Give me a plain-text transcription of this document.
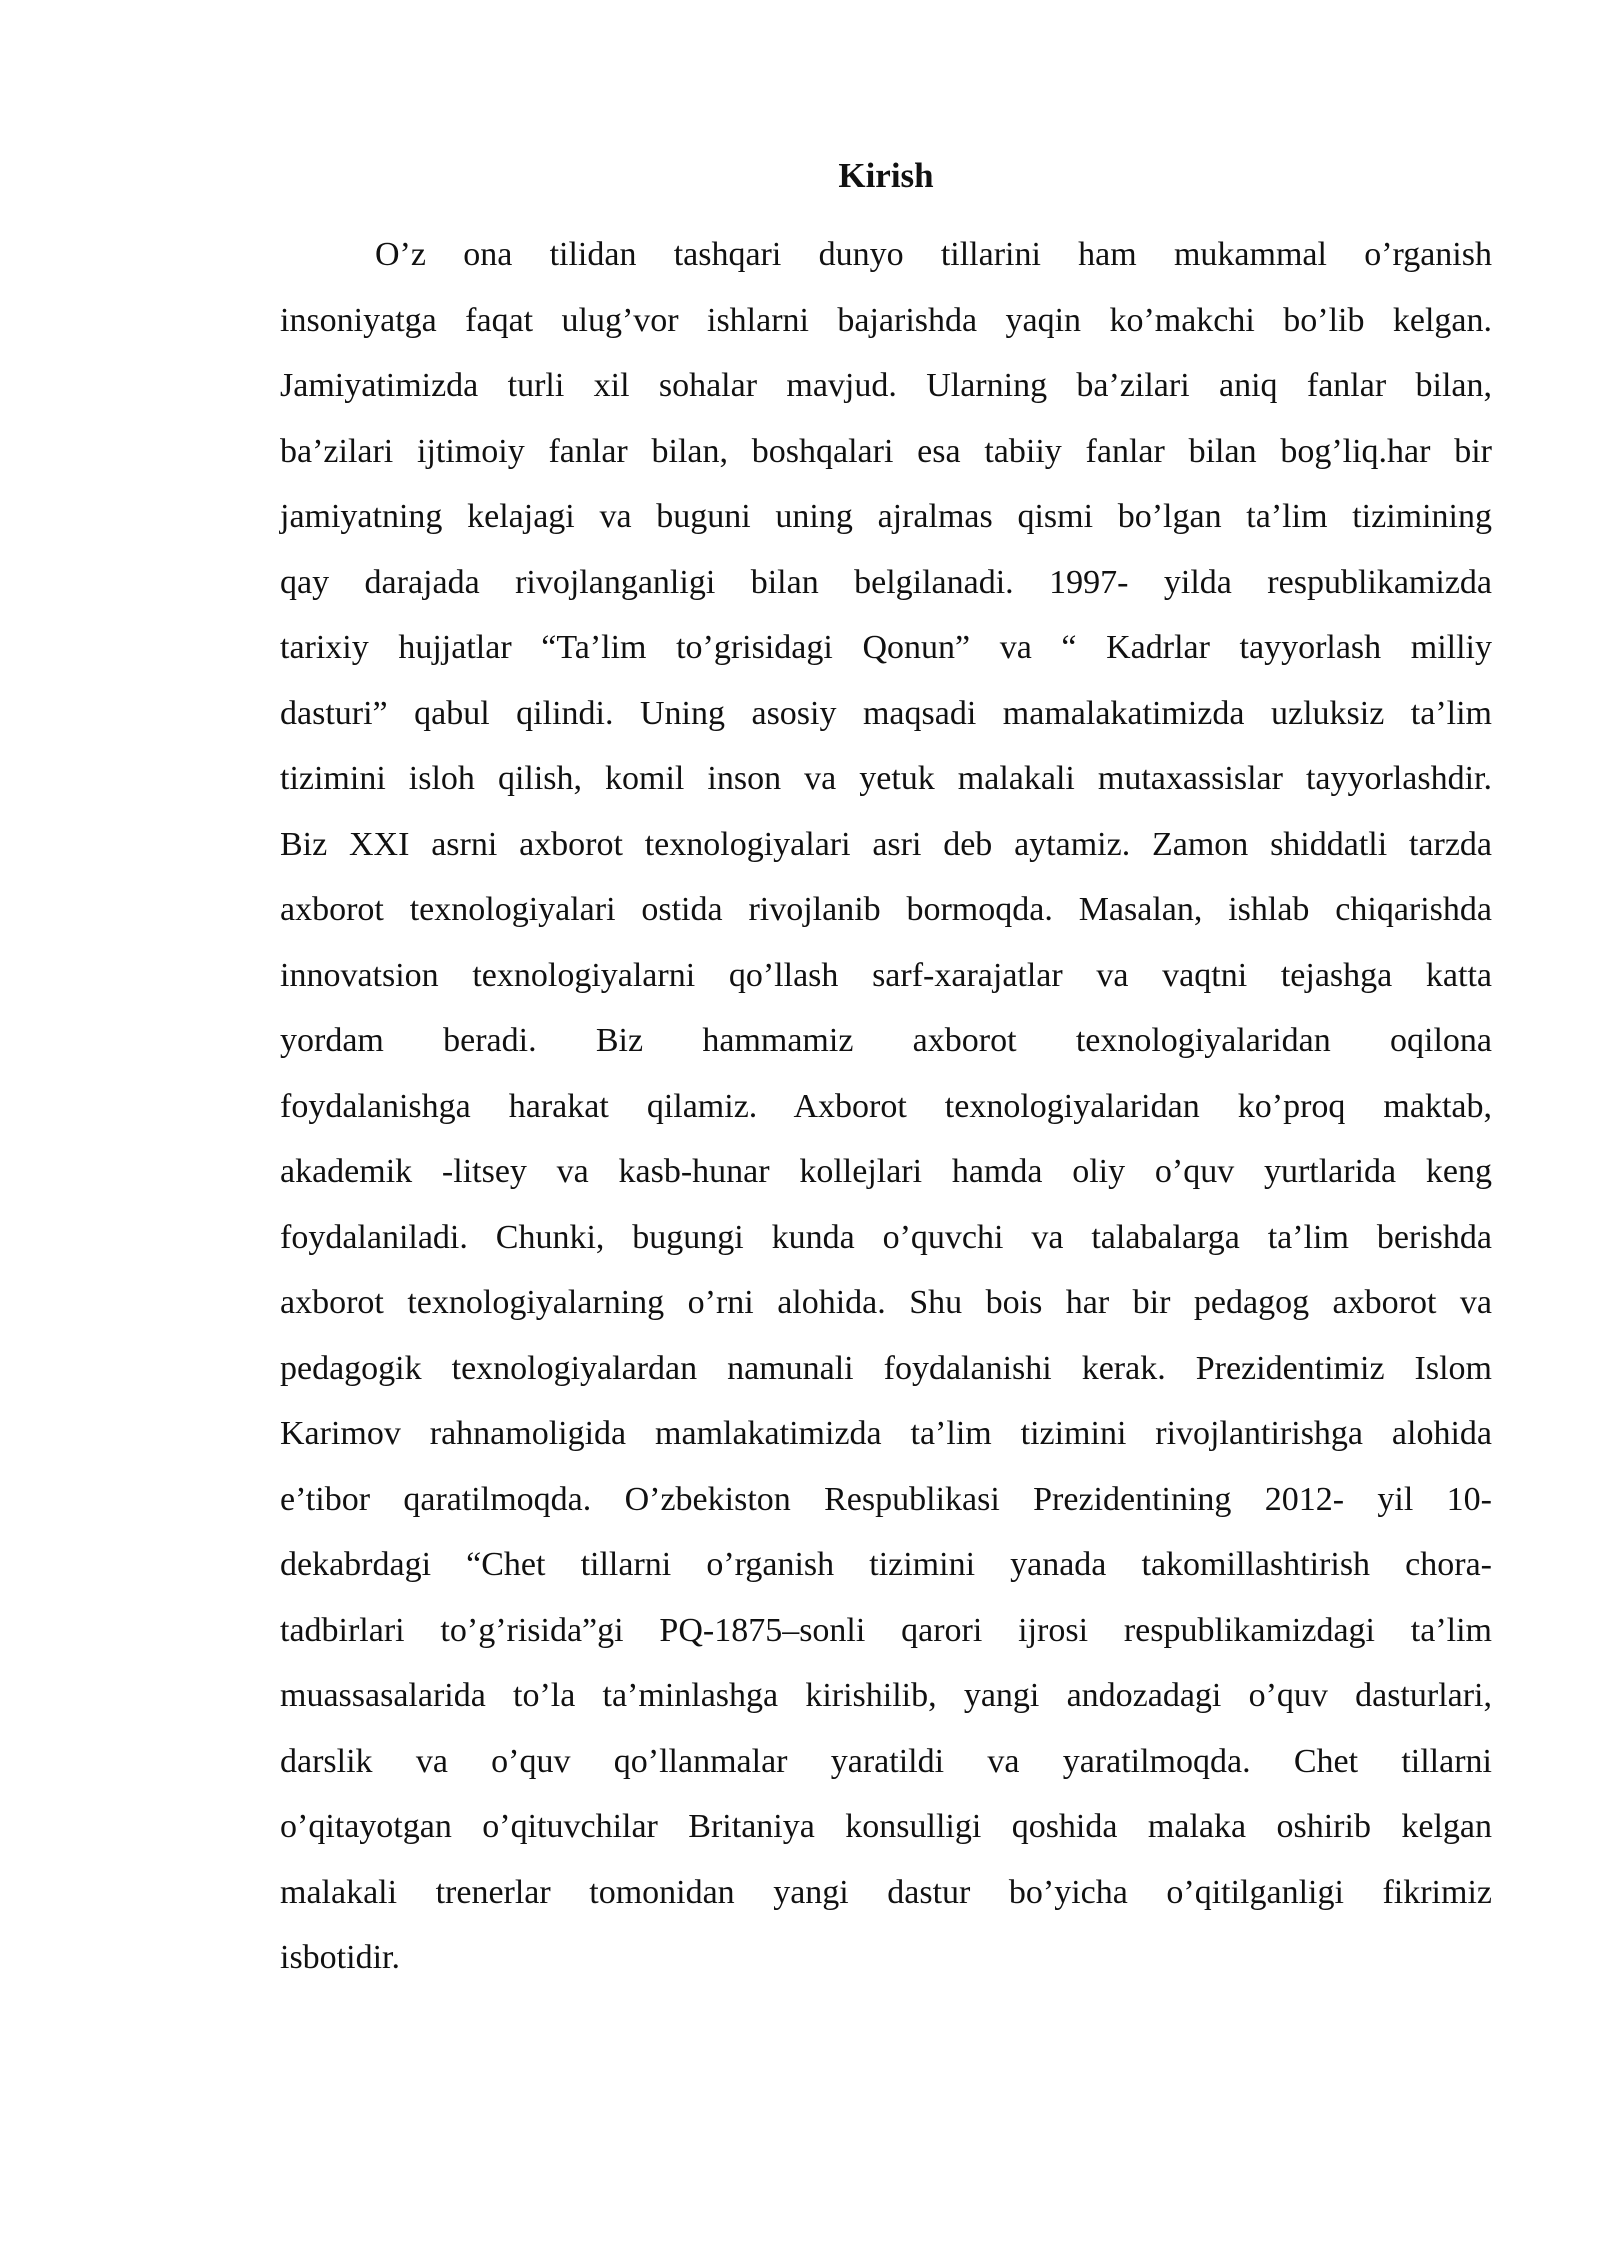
Kirish
O’z ona tilidan tashqari dunyo tillarini ham mukammal o’rganish
insoniyatga faqat ulug’vor ishlarni bajarishda yaqin ko’makchi bo’lib kelgan.
Jamiyatimizda turli xil sohalar mavjud. Ularning ba’zilari aniq fanlar bilan,
ba’zilari ijtimoiy fanlar bilan, boshqalari esa tabiiy fanlar bilan bog’liq.har bir
jamiyatning kelajagi va buguni uning ajralmas qismi bo’lgan ta’lim tizimining
qay darajada rivojlanganligi bilan belgilanadi. 1997- yilda respublikamizda
tarixiy hujjatlar “Ta’lim to’grisidagi Qonun” va “ Kadrlar tayyorlash milliy
dasturi” qabul qilindi. Uning asosiy maqsadi mamalakatimizda uzluksiz ta’lim
tizimini isloh qilish, komil inson va yetuk malakali mutaxassislar tayyorlashdir.
Biz XXI asrni axborot texnologiyalari asri deb aytamiz. Zamon shiddatli tarzda
axborot texnologiyalari ostida rivojlanib bormoqda. Masalan, ishlab chiqarishda
innovatsion texnologiyalarni qo’llash sarf-xarajatlar va vaqtni tejashga katta
yordam beradi. Biz hammamiz axborot texnologiyalaridan oqilona
foydalanishga harakat qilamiz. Axborot texnologiyalaridan ko’proq maktab,
akademik -litsey va kasb-hunar kollejlari hamda oliy o’quv yurtlarida keng
foydalaniladi. Chunki, bugungi kunda o’quvchi va talabalarga ta’lim berishda
axborot texnologiyalarning o’rni alohida. Shu bois har bir pedagog axborot va
pedagogik texnologiyalardan namunali foydalanishi kerak. Prezidentimiz Islom
Karimov rahnamoligida mamlakatimizda ta’lim tizimini rivojlantirishga alohida
e’tibor qaratilmoqda. O’zbekiston Respublikasi Prezidentining 2012- yil 10-
dekabrdagi “Chet tillarni o’rganish tizimini yanada takomillashtirish chora-
tadbirlari to’g’risida”gi PQ-1875–sonli qarori ijrosi respublikamizdagi ta’lim
muassasalarida to’la ta’minlashga kirishilib, yangi andozadagi o’quv dasturlari,
darslik va o’quv qo’llanmalar yaratildi va yaratilmoqda. Chet tillarni
o’qitayotgan o’qituvchilar Britaniya konsulligi qoshida malaka oshirib kelgan
malakali trenerlar tomonidan yangi dastur bo’yicha o’qitilganligi fikrimiz
isbotidir.
